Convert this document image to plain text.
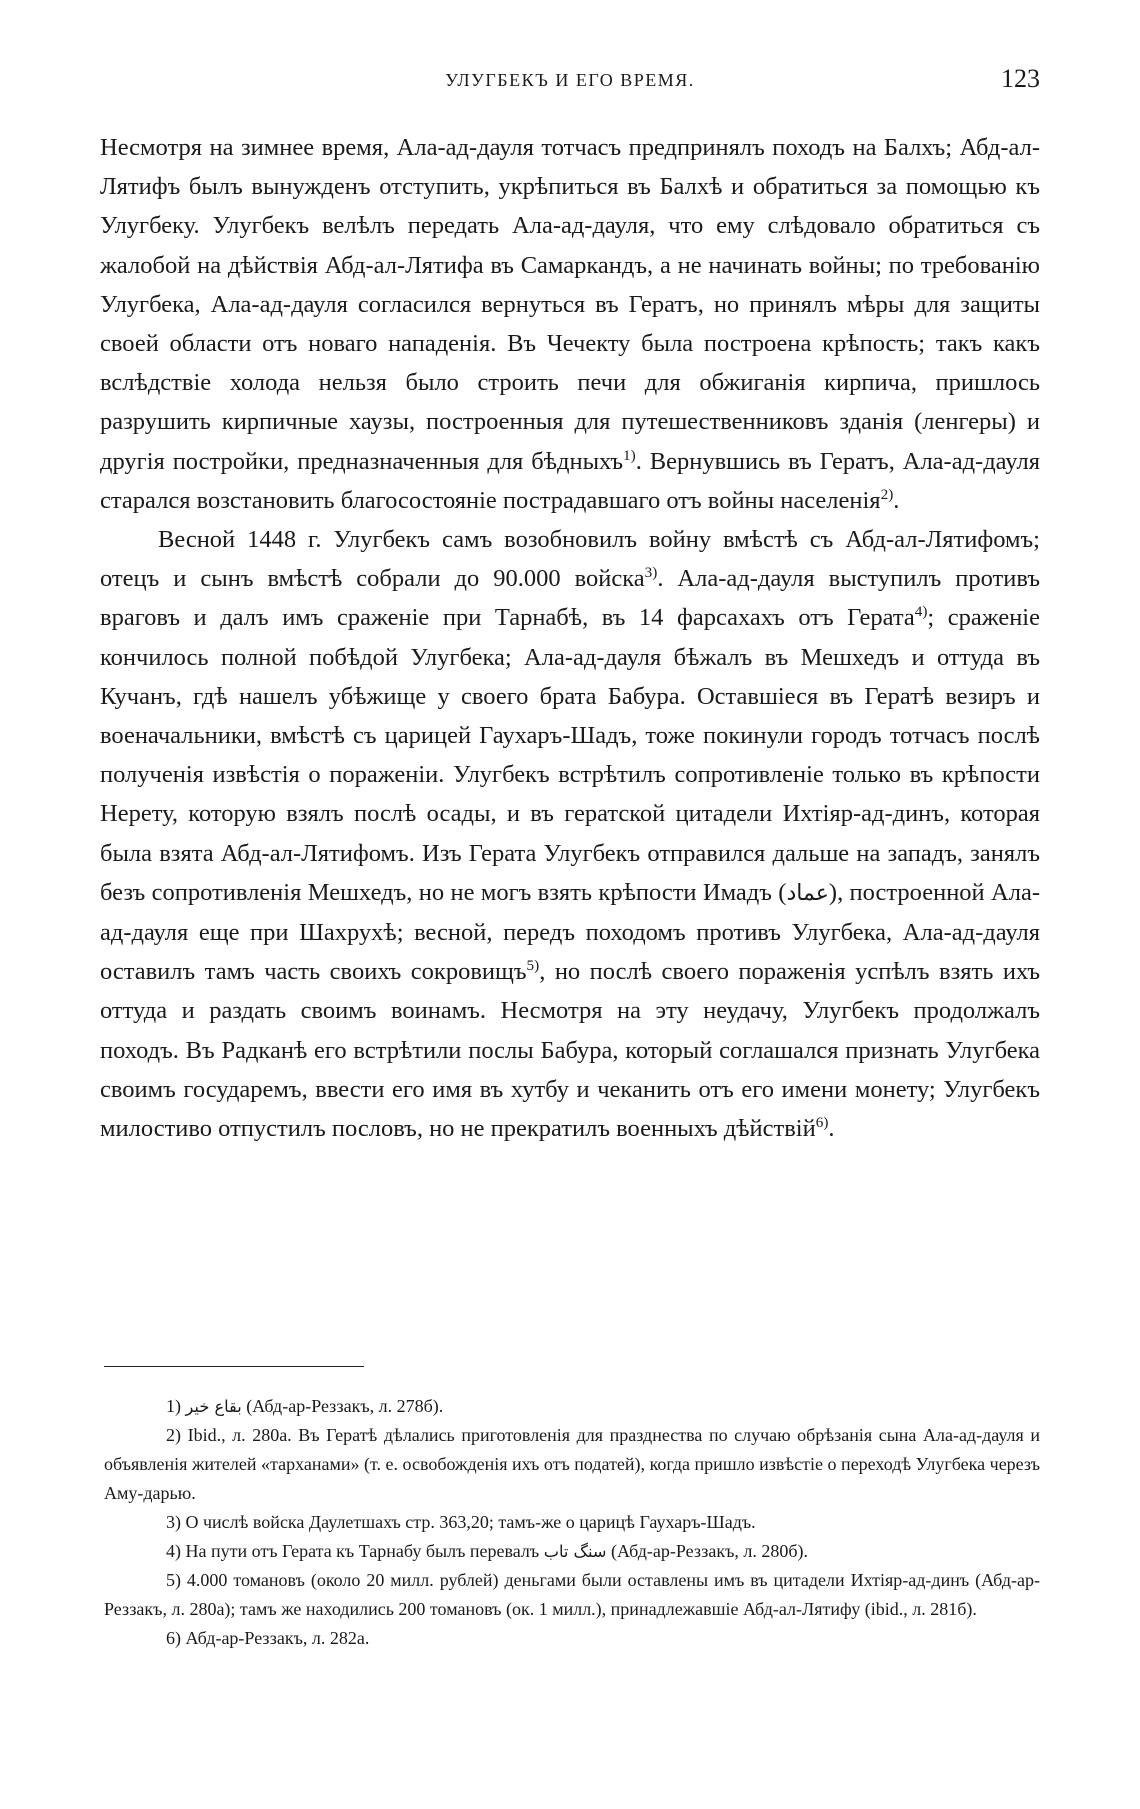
УЛУГБЕКЪ И ЕГО ВРЕМЯ.	123

Несмотря на зимнее время, Ала-ад-дауля тотчасъ предпринялъ походъ на Балхъ; Абд-ал-Лятифъ былъ вынужденъ отступить, укрѣпиться въ Балхѣ и обратиться за помощью къ Улугбеку. Улугбекъ велѣлъ передать Ала-ад-дауля, что ему слѣдовало обратиться съ жалобой на дѣйствія Абд-ал-Лятифа въ Самаркандъ, а не начинать войны; по требованію Улугбека, Ала-ад-дауля согласился вернуться въ Гератъ, но принялъ мѣры для защиты своей области отъ новаго нападенія. Въ Чечекту была построена крѣпость; такъ какъ вслѣдствіе холода нельзя было строить печи для обжиганія кирпича, пришлось разрушить кирпичные хаузы, построенныя для путешественниковъ зданія (ленгеры) и другія постройки, предназначенныя для бѣдныхъ$^{1)}$. Вернувшись въ Гератъ, Ала-ад-дауля старался возстановить благосостояніе пострадавшаго отъ войны населенія$^{2)}$.

Весной 1448 г. Улугбекъ самъ возобновилъ войну вмѣстѣ съ Абд-ал-Лятифомъ; отецъ и сынъ вмѣстѣ собрали до 90.000 войска$^{3)}$. Ала-ад-дауля выступилъ противъ враговъ и далъ имъ сраженіе при Тарнабѣ, въ 14 фарсахахъ отъ Герата$^{4)}$; сраженіе кончилось полной побѣдой Улугбека; Ала-ад-дауля бѣжалъ въ Мешхедъ и оттуда въ Кучанъ, гдѣ нашелъ убѣжище у своего брата Бабура. Оставшіеся въ Гератѣ везиръ и военачальники, вмѣстѣ съ царицей Гаухаръ-Шадъ, тоже покинули городъ тотчасъ послѣ полученія извѣстія о пораженіи. Улугбекъ встрѣтилъ сопротивленіе только въ крѣпости Нерету, которую взялъ послѣ осады, и въ гератской цитадели Ихтіяр-ад-динъ, которая была взята Абд-ал-Лятифомъ. Изъ Герата Улугбекъ отправился дальше на западъ, занялъ безъ сопротивленія Мешхедъ, но не могъ взять крѣпости Имадъ (عماد), построенной Ала-ад-дауля еще при Шахрухѣ; весной, передъ походомъ противъ Улугбека, Ала-ад-дауля оставилъ тамъ часть своихъ сокровищъ$^{5)}$, но послѣ своего пораженія успѣлъ взять ихъ оттуда и раздать своимъ воинамъ. Несмотря на эту неудачу, Улугбекъ продолжалъ походъ. Въ Радканѣ его встрѣтили послы Бабура, который соглашался признать Улугбека своимъ государемъ, ввести его имя въ хутбу и чеканить отъ его имени монету; Улугбекъ милостиво отпустилъ пословъ, но не прекратилъ военныхъ дѣйствій$^{6)}$.

1) بقاع خير (Абд-ар-Реззакъ, л. 278б).

2) Ibid., л. 280а. Въ Гератѣ дѣлались приготовленія для празднества по случаю обрѣзанія сына Ала-ад-дауля и объявленія жителей «тарханами» (т. е. освобожденія ихъ отъ податей), когда пришло извѣстіе о переходѣ Улугбека черезъ Аму-дарью.

3) О числѣ войска Даулетшахъ стр. 363,20; тамъ-же о царицѣ Гаухаръ-Шадъ.

4) На пути отъ Герата къ Тарнабу былъ перевалъ سنگ تاب (Абд-ар-Реззакъ, л. 280б).

5) 4.000 томановъ (около 20 милл. рублей) деньгами были оставлены имъ въ цитадели Ихтіяр-ад-динъ (Абд-ар-Реззакъ, л. 280а); тамъ же находились 200 томановъ (ок. 1 милл.), принадлежавшіе Абд-ал-Лятифу (ibid., л. 281б).

6) Абд-ар-Реззакъ, л. 282а.
